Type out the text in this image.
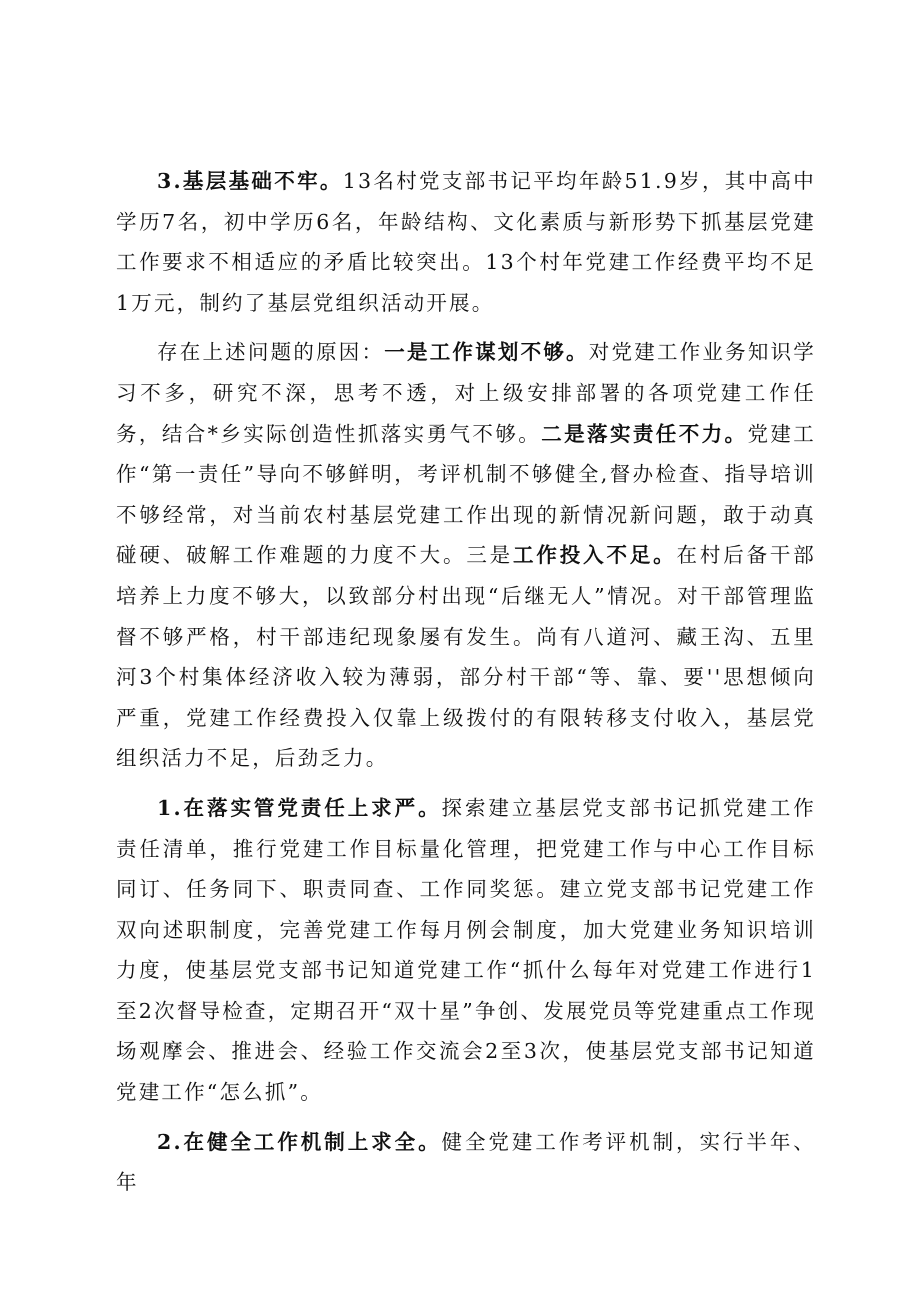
3.基层基础不牢。13名村党支部书记平均年龄51.9岁，其中高中学历7名，初中学历6名，年龄结构、文化素质与新形势下抓基层党建工作要求不相适应的矛盾比较突出。13个村年党建工作经费平均不足1万元，制约了基层党组织活动开展。

存在上述问题的原因：一是工作谋划不够。对党建工作业务知识学习不多，研究不深，思考不透，对上级安排部署的各项党建工作任务，结合*乡实际创造性抓落实勇气不够。二是落实责任不力。党建工作“第一责任”导向不够鲜明，考评机制不够健全,督办检查、指导培训不够经常，对当前农村基层党建工作出现的新情况新问题，敢于动真碰硬、破解工作难题的力度不大。三是工作投入不足。在村后备干部培养上力度不够大，以致部分村出现“后继无人”情况。对干部管理监督不够严格，村干部违纪现象屡有发生。尚有八道河、藏王沟、五里河3个村集体经济收入较为薄弱，部分村干部“等、靠、要''思想倾向严重，党建工作经费投入仅靠上级拨付的有限转移支付收入，基层党组织活力不足，后劲乏力。

1.在落实管党责任上求严。探索建立基层党支部书记抓党建工作责任清单，推行党建工作目标量化管理，把党建工作与中心工作目标同订、任务同下、职责同查、工作同奖惩。建立党支部书记党建工作双向述职制度，完善党建工作每月例会制度，加大党建业务知识培训力度，使基层党支部书记知道党建工作“抓什么每年对党建工作进行1至2次督导检查，定期召开“双十星”争创、发展党员等党建重点工作现场观摩会、推进会、经验工作交流会2至3次，使基层党支部书记知道党建工作“怎么抓”。

2.在健全工作机制上求全。健全党建工作考评机制，实行半年、年
